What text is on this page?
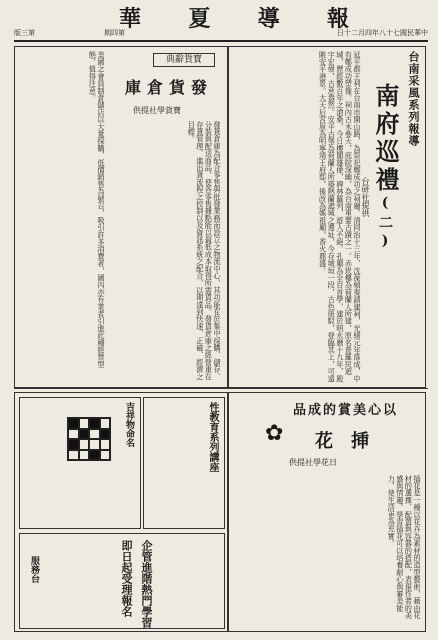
華 夏 導 報
版三第	期四第	日十二月四年八十七國民華中
台南采風系列報導
南府巡禮(二)
台研社提供
延平郡王祠在台南市開山路，為祭祀鄭成功之祠廟。清同治十三年，沈葆楨奏請建祠，光緒元年落成，中有鄭成功塑像。祠內古木參天，庭院深幽，為台南重要古蹟之一。赤崁樓為荷蘭人所建，原名普羅民遮城，歷經數百年之滄桑，今日樓閣雄偉，碑林羅列，遊人不絕。孔廟為全台首學，建於明永曆十九年，殿宇宏偉，古意盎然。安平古堡為荷蘭人所築熱蘭遮城之遺址，今存城垣一段，古色斑駁，登臨其上，可遠眺安平港景。大天后宮原為明寧靖王府邸，後改為媽祖廟，香火鼎盛。
典辭貨寶
庫倉貨發
供提社學貨寶
發貨倉庫為配合零售與批發業務而設立之物流中心，其功能在於集中採購、儲存、分裝與配送商品，使各零售據點能以最低成本取得所需貨品。發貨倉庫之經營重在存貨管理、進出貨流程之控制以及資訊系統之配合，以期達到快速、正確、經濟之目標。
美國之會員制倉儲店以大量採購、低價銷售為號召，吸引許多消費者，國內亦有業者引進此種經營型態，值得注意。
品成的賞美心以
花挿
供提社學花日
✿
插花是一種以花卉為素材的造型藝術，藉由花材的選擇、配置與容器的搭配，表現作者的美感與情趣。學習插花可以培養耐心與審美能力，使生活更為充實。
性教育系列講座
吉祥物命名
企管進階熱門學習
即日起受理報名
服務台
